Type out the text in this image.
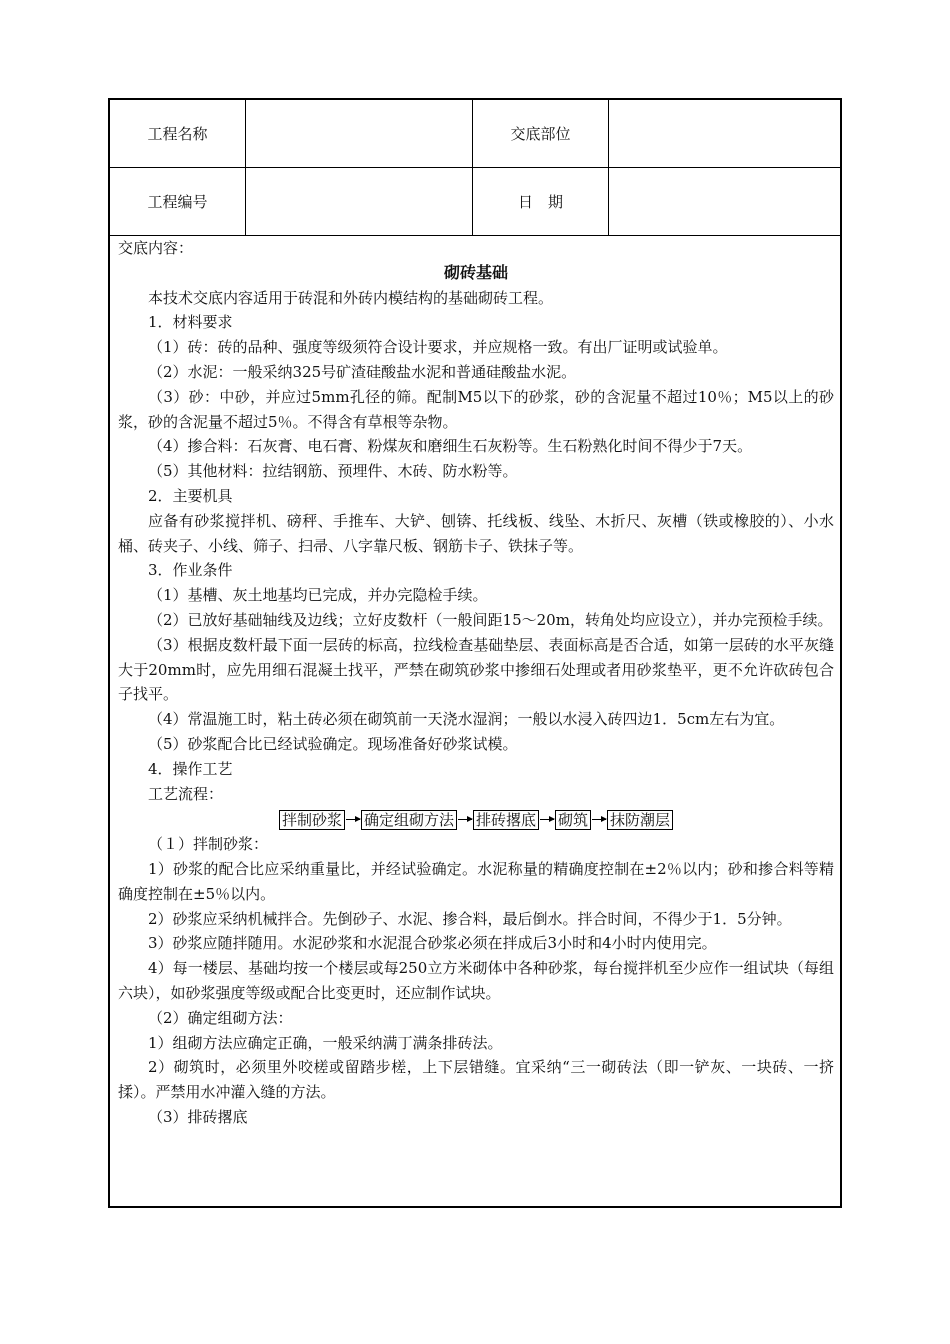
工程名称	交底部位
工程编号	日　期

交底内容：

砌砖基础

本技术交底内容适用于砖混和外砖内模结构的基础砌砖工程。

1．材料要求

（1）砖：砖的品种、强度等级须符合设计要求，并应规格一致。有出厂证明或试验单。

（2）水泥：一般采纳325号矿渣硅酸盐水泥和普通硅酸盐水泥。

（3）砂：中砂，并应过5mm孔径的筛。配制M5以下的砂浆，砂的含泥量不超过10％；M5以上的砂浆，砂的含泥量不超过5％。不得含有草根等杂物。

（4）掺合料：石灰膏、电石膏、粉煤灰和磨细生石灰粉等。生石粉熟化时间不得少于7天。

（5）其他材料：拉结钢筋、预埋件、木砖、防水粉等。

2．主要机具

应备有砂浆搅拌机、磅秤、手推车、大铲、刨锛、托线板、线坠、木折尺、灰槽（铁或橡胶的）、小水桶、砖夹子、小线、筛子、扫帚、八字靠尺板、钢筋卡子、铁抹子等。

3．作业条件

（1）基槽、灰土地基均已完成，并办完隐检手续。

（2）已放好基础轴线及边线；立好皮数杆（一般间距15～20m，转角处均应设立），并办完预检手续。

（3）根据皮数杆最下面一层砖的标高，拉线检查基础垫层、表面标高是否合适，如第一层砖的水平灰缝大于20mm时，应先用细石混凝土找平，严禁在砌筑砂浆中掺细石处理或者用砂浆垫平，更不允许砍砖包合子找平。

（4）常温施工时，粘土砖必须在砌筑前一天浇水湿润；一般以水浸入砖四边1．5cm左右为宜。

（5）砂浆配合比已经试验确定。现场准备好砂浆试模。

4．操作工艺

工艺流程：

拌制砂浆 确定组砌方法 排砖撂底 砌筑 抹防潮层

（１）拌制砂浆：

1）砂浆的配合比应采纳重量比，并经试验确定。水泥称量的精确度控制在±2％以内；砂和掺合料等精确度控制在±5％以内。

2）砂浆应采纳机械拌合。先倒砂子、水泥、掺合料，最后倒水。拌合时间，不得少于1．5分钟。

3）砂浆应随拌随用。水泥砂浆和水泥混合砂浆必须在拌成后3小时和4小时内使用完。

4）每一楼层、基础均按一个楼层或每250立方米砌体中各种砂浆，每台搅拌机至少应作一组试块（每组六块），如砂浆强度等级或配合比变更时，还应制作试块。

（2）确定组砌方法：

1）组砌方法应确定正确，一般采纳满丁满条排砖法。

2）砌筑时，必须里外咬槎或留踏步槎，上下层错缝。宜采纳“三一砌砖法（即一铲灰、一块砖、一挤揉）。严禁用水冲灌入缝的方法。

（3）排砖撂底
